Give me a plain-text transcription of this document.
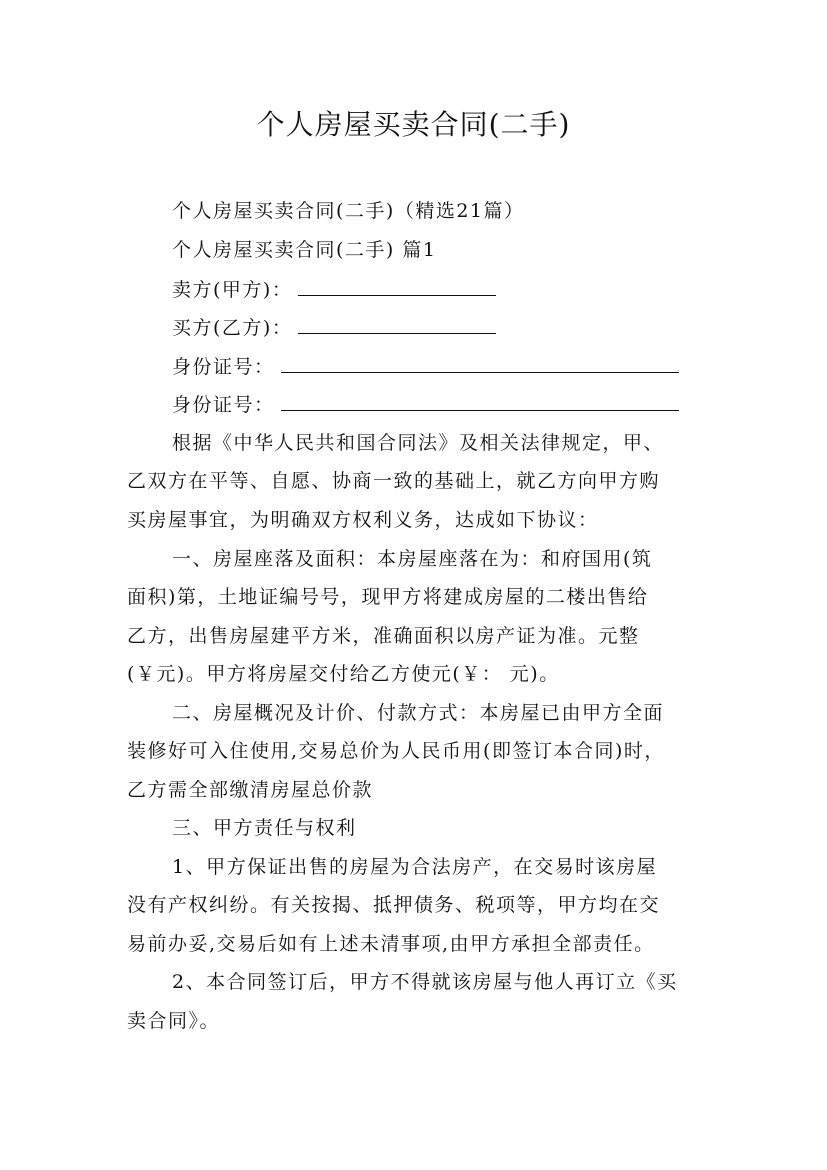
个人房屋买卖合同(二手)
个人房屋买卖合同(二手)（精选21篇）
个人房屋买卖合同(二手) 篇1
卖方(甲方)：
买方(乙方)：
身份证号：
身份证号：
根据《中华人民共和国合同法》及相关法律规定，甲、
乙双方在平等、自愿、协商一致的基础上，就乙方向甲方购
买房屋事宜，为明确双方权利义务，达成如下协议：
一、房屋座落及面积：本房屋座落在为：和府国用(筑
面积)第，土地证编号号，现甲方将建成房屋的二楼出售给
乙方，出售房屋建平方米，准确面积以房产证为准。元整
(￥元)。甲方将房屋交付给乙方使元(￥： 元)。
二、房屋概况及计价、付款方式：本房屋已由甲方全面
装修好可入住使用,交易总价为人民币用(即签订本合同)时，
乙方需全部缴清房屋总价款
三、甲方责任与权利
1、甲方保证出售的房屋为合法房产，在交易时该房屋
没有产权纠纷。有关按揭、抵押债务、税项等，甲方均在交
易前办妥,交易后如有上述未清事项,由甲方承担全部责任。
2、本合同签订后，甲方不得就该房屋与他人再订立《买
卖合同》。
